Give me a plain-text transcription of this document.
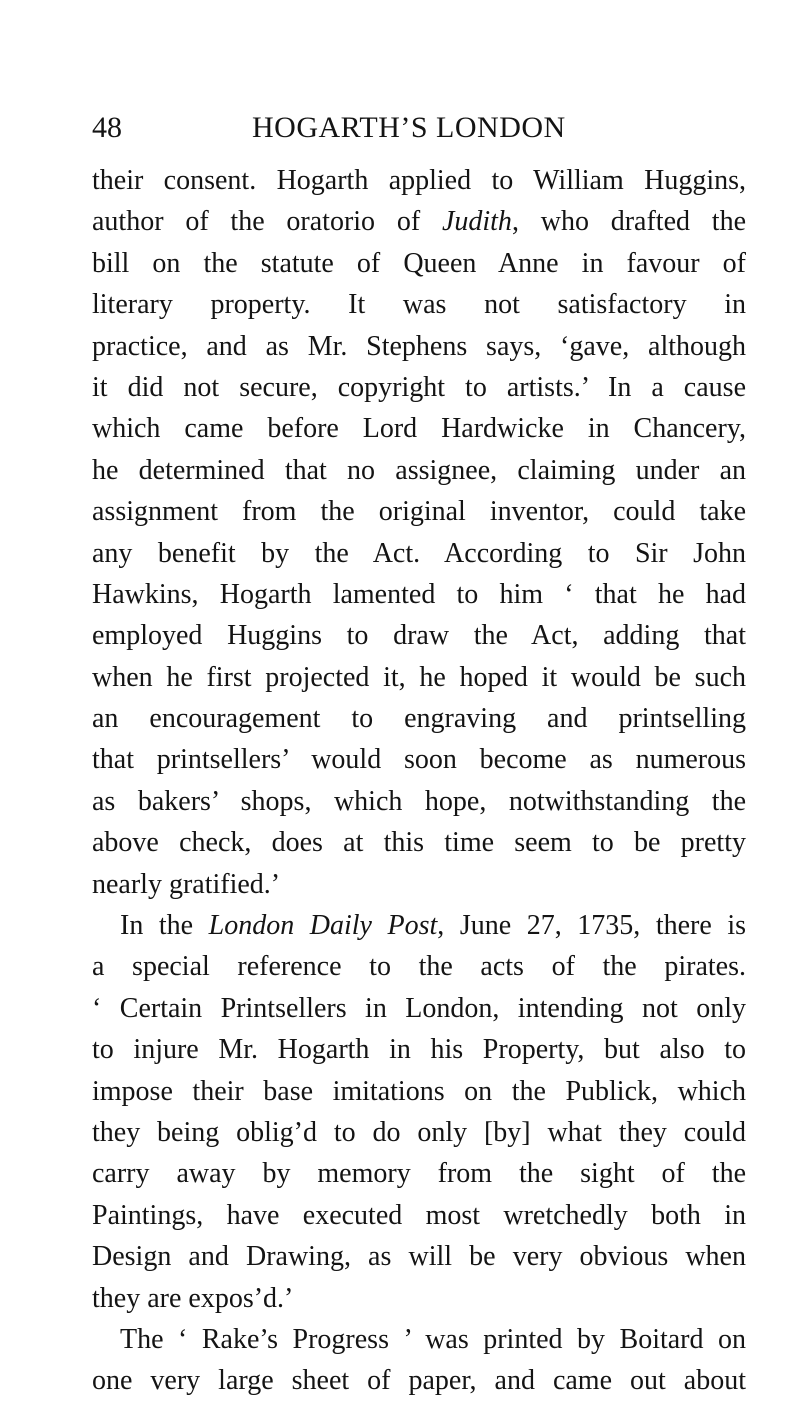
48	HOGARTH’S LONDON
their consent. Hogarth applied to William Huggins,
author of the oratorio of Judith, who drafted the
bill on the statute of Queen Anne in favour of
literary property. It was not satisfactory in
practice, and as Mr. Stephens says, ‘gave, although
it did not secure, copyright to artists.’ In a cause
which came before Lord Hardwicke in Chancery,
he determined that no assignee, claiming under an
assignment from the original inventor, could take
any benefit by the Act. According to Sir John
Hawkins, Hogarth lamented to him ‘ that he had
employed Huggins to draw the Act, adding that
when he first projected it, he hoped it would be such
an encouragement to engraving and printselling
that printsellers’ would soon become as numerous
as bakers’ shops, which hope, notwithstanding the
above check, does at this time seem to be pretty
nearly gratified.’
In the London Daily Post, June 27, 1735, there is
a special reference to the acts of the pirates.
‘ Certain Printsellers in London, intending not only
to injure Mr. Hogarth in his Property, but also to
impose their base imitations on the Publick, which
they being oblig’d to do only [by] what they could
carry away by memory from the sight of the
Paintings, have executed most wretchedly both in
Design and Drawing, as will be very obvious when
they are expos’d.’
The ‘ Rake’s Progress ’ was printed by Boitard on
one very large sheet of paper, and came out about
